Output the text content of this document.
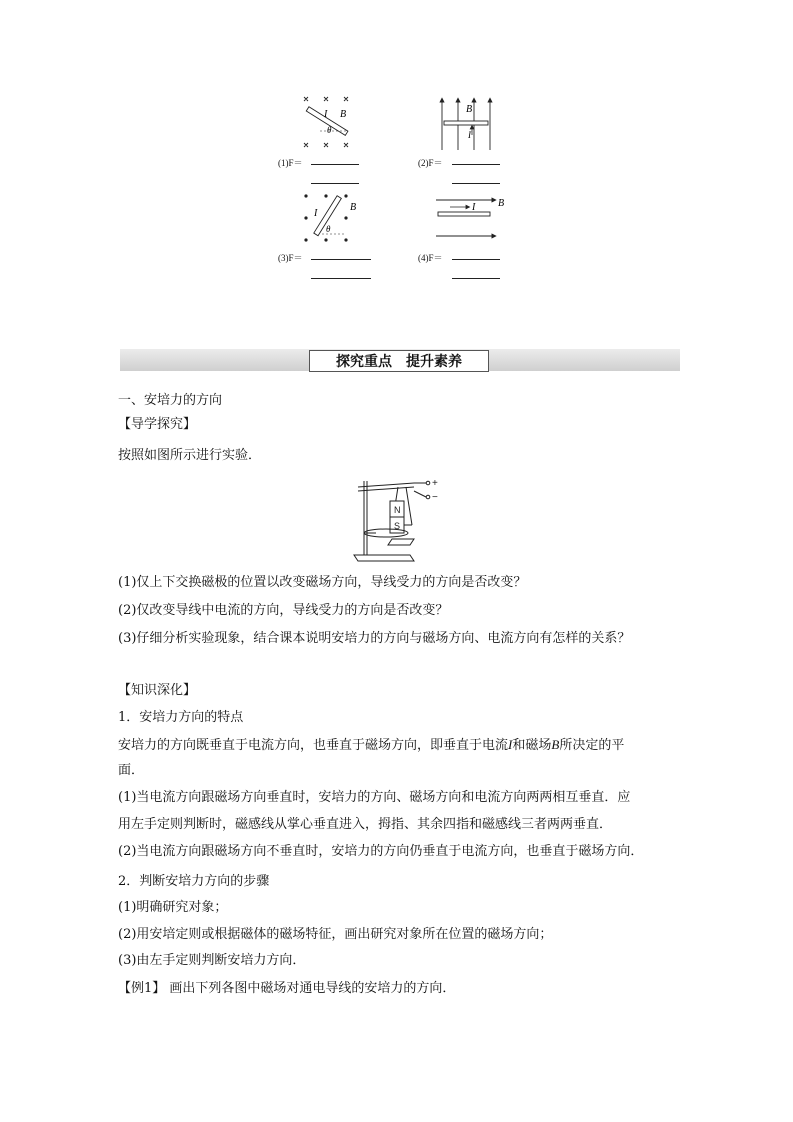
I B
θ
(1)F＝
B
I
(2)F＝
I
B
θ
(3)F＝
I B
(4)F＝
探究重点 提升素养
一、安培力的方向
【导学探究】
按照如图所示进行实验．
+
−
N
S
(1)仅上下交换磁极的位置以改变磁场方向，导线受力的方向是否改变？
(2)仅改变导线中电流的方向，导线受力的方向是否改变？
(3)仔细分析实验现象，结合课本说明安培力的方向与磁场方向、电流方向有怎样的关系？
【知识深化】
1．安培力方向的特点
安培力的方向既垂直于电流方向，也垂直于磁场方向，即垂直于电流I和磁场B所决定的平
面．
(1)当电流方向跟磁场方向垂直时，安培力的方向、磁场方向和电流方向两两相互垂直．应
用左手定则判断时，磁感线从掌心垂直进入，拇指、其余四指和磁感线三者两两垂直．
(2)当电流方向跟磁场方向不垂直时，安培力的方向仍垂直于电流方向，也垂直于磁场方向．
2．判断安培力方向的步骤
(1)明确研究对象；
(2)用安培定则或根据磁体的磁场特征，画出研究对象所在位置的磁场方向；
(3)由左手定则判断安培力方向．
【例1】 画出下列各图中磁场对通电导线的安培力的方向．
